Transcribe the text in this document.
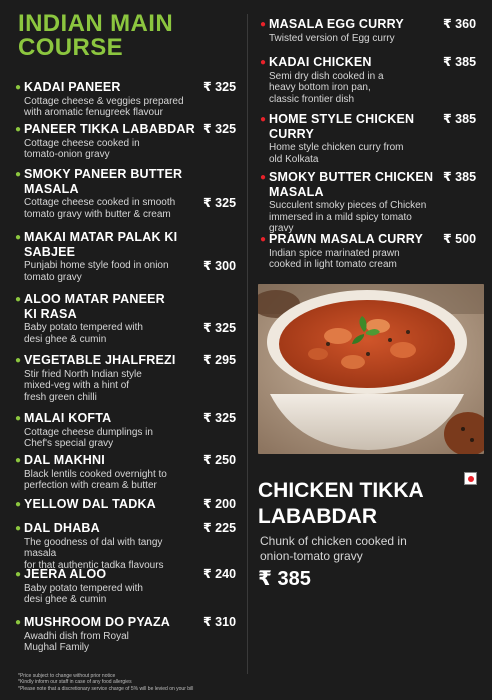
INDIAN MAIN
COURSE
● KADAI PANEER
Cottage cheese & veggies prepared
with aromatic fenugreek flavour
₹ 325
● PANEER TIKKA LABABDAR
Cottage cheese cooked in
tomato-onion gravy
₹ 325
● SMOKY PANEER BUTTER
MASALA
Cottage cheese cooked in smooth
tomato gravy with butter & cream
₹ 325
● MAKAI MATAR PALAK KI
SABJEE
Punjabi home style food in onion
tomato gravy
₹ 300
● ALOO MATAR PANEER
KI RASA
Baby potato tempered with
desi ghee & cumin
₹ 325
● VEGETABLE JHALFREZI
Stir fried North Indian style
mixed-veg with a hint of
fresh green chilli
₹ 295
● MALAI KOFTA
Cottage cheese dumplings in
Chef's special gravy
₹ 325
● DAL MAKHNI
Black lentils cooked overnight to
perfection with cream & butter
₹ 250
● YELLOW DAL TADKA	₹ 200
● DAL DHABA
The goodness of dal with tangy masala
for that authentic tadka flavours
₹ 225
● JEERA ALOO
Baby potato tempered with
desi ghee & cumin
₹ 240
● MUSHROOM DO PYAZA
Awadhi dish from Royal
Mughal Family
₹ 310
● MASALA EGG CURRY
Twisted version of Egg curry
₹ 360
● KADAI CHICKEN
Semi dry dish cooked in a
heavy bottom iron pan,
classic frontier dish
₹ 385
● HOME STYLE CHICKEN
CURRY
Home style chicken curry from
old Kolkata
₹ 385
● SMOKY BUTTER CHICKEN
MASALA
Succulent smoky pieces of Chicken
immersed in a mild spicy tomato gravy
₹ 385
● PRAWN MASALA CURRY
Indian spice marinated prawn
cooked in light tomato cream
₹ 500
CHICKEN TIKKA
LABABDAR
Chunk of chicken cooked in
onion-tomato gravy
₹ 385
*Price subject to change without prior notice
*Kindly inform our staff in case of any food allergies
*Please note that a discretionary service charge of 5% will be levied on your bill
